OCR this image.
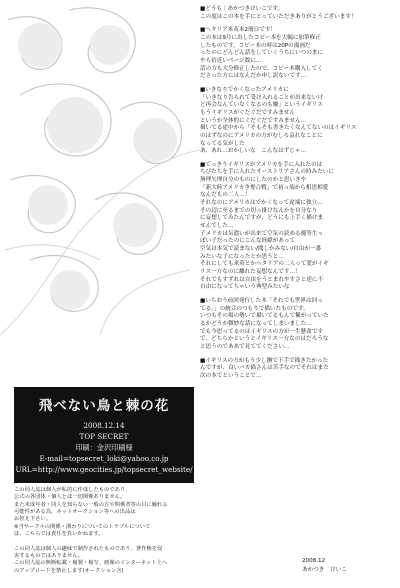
飛べない鳥と棘の花
2008.12.14
TOP SECRET
印刷：金沢印刷様
E-mail=topsecret_loki@yahoo.co.jp
URL=http://www.geocities.jp/topsecret_website/

この同人誌は個人が私的に作成したものであり、

公式の各団体・個人とは一切関係ありません。

また未成年者・同人を知らない一般の方や関係者等の目に触れる

可能性がある為、ネットオークション等への出品は

お控え下さい。

※当サークルの関係・関わりについてのトラブルについて

は、こちらでは責任を負いかねます。

この同人誌は個人の趣味で制作されたものであり、著作権を侵

害するものではありません。

この同人誌の無断転載・複製・複写、画像のインターネット上へ

のアップロードを禁止します(オークション含)

■どうも｜あかつきけいこです。
この度はこの本を手にとっていただきありがとうございます！
■ヘタリア米英本2冊目です！
この本は9月に出したコピー本を大幅に加筆修正
したものです。コピー本の時は20Pの漫画だ
ったのにどんどん話をしていくうちにいつのまに
やら倍近いページ数に…
話の方も大分修正したので、コピー本購入してく
ださった方にはなんだか申し訳ないです…
■いきなりでかくなったアメリカに
「いきなり告られて受け入れることが出来ないけ
ど再会なんていなくなるのも嫌」というイギリス
もうイギリスがぐだぐだですみません
というか全体的にぐだぐだですみません…
描いてる途中から「そもそも書きたくなんてないのはイギリス
のはずなのにアメリカの方がむしろ哀れなことに
なってる気がした
あ、あれ…おかしいな　こんなはずじゃ…
■てっきりイギリスがアメリカを手に入れたのは
ちびたちを手に入れたオーストリアさんの時みたいに
無理矢理自分のものにしたのかと思いきや
「新大陸アメリカ争奪合戦」で初っ端から相思相愛
なんだもの二人…！
それなのにアメリカはでかくなって途端に独立…
その辺に至るまでの切っ掛けなんかを自分なり
に妄想してみたんですが、どうにも上手く描けま
せんでした…
子メリカは気遣いが出来て空気の読める優等生っ
ぽい子だったのにこんな経緯があって
空気は本気で読まない/聞しかみない/自由が一番
みたいな子になったとか思うと…
それにしても米英とかヘタリアの二人って愛がイギ
リス一方なのに離れた妄想なんです…！
それでもすずれは自由をうとまれやすさと逆に不
自由になってちゃいう典型みたいな
■いちおう前回発行した本「それでも世界は回っ
てる。」の統合のつもりで描いたものです。
いつもその場の勢いで描いてるもんで繋がっていた
るかどうか微妙な話になってしまいました…
でも今思ってるのはイギリスの方が一生懸命です
で、どちらかというとイギリス一方なのはだろうな
と思うのでああで見ててください…
■イギリスの方がもう少し撫で下手で描きたかった
んですが、良いバカ猫さんは苦手なのでそれはまた
次の本でということで…
2008.12
あかつき　けいこ
